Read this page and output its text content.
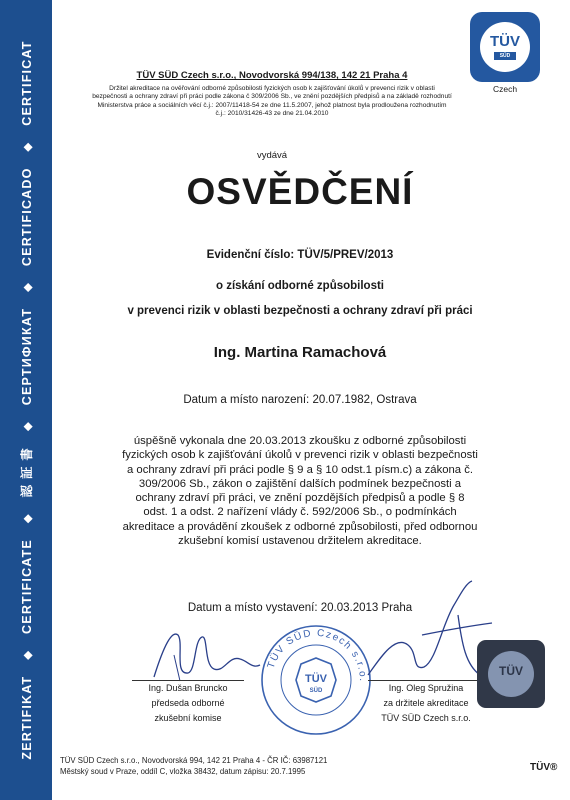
ZERTIFIKAT◆CERTIFICATE◆認 証 書◆СЕРТИФИКАТ◆CERTIFICADO◆CERTIFICAT	TÜV
SÜD
Czech
TÜV SÜD Czech s.r.o., Novodvorská 994/138, 142 21 Praha 4
Držitel akreditace na ověřování odborné způsobilosti fyzických osob k zajišťování úkolů v prevenci rizik v oblasti bezpečnosti a ochrany zdraví při práci podle zákona č 309/2006 Sb., ve znění pozdějších předpisů a na základě rozhodnutí Ministerstva práce a sociálních věcí č.j.: 2007/11418-54 ze dne 11.5.2007, jehož platnost byla prodloužena rozhodnutím č.j.: 2010/31426-43 ze dne 21.04.2010
vydává
OSVĚDČENÍ
Evidenční číslo: TÜV/5/PREV/2013
o získání odborné způsobilosti
v prevenci rizik v oblasti bezpečnosti a ochrany zdraví při práci
Ing. Martina Ramachová
Datum a místo narození: 20.07.1982, Ostrava
úspěšně vykonala dne 20.03.2013 zkoušku z odborné způsobilosti fyzických osob k zajišťování úkolů v prevenci rizik v oblasti bezpečnosti a ochrany zdraví při práci podle § 9 a § 10 odst.1 písm.c) a zákona č. 309/2006 Sb., zákon o zajištění dalších podmínek bezpečnosti a ochrany zdraví při práci, ve znění pozdějších předpisů a podle § 8 odst. 1 a odst. 2 nařízení vlády č. 592/2006 Sb., o podmínkách akreditace a provádění zkoušek z odborné způsobilosti, před odbornou zkušební komisí ustavenou držitelem akreditace.
Datum a místo vystavení: 20.03.2013 Praha
Ing. Dušan Bruncko
předseda odborné
zkušební komise
TÜV SÜD Czech s.r.o.
TÜV
SÜD	Ing. Oleg Spružina
za držitele akreditace
TÜV SÜD Czech s.r.o.
TÜV
TÜV SÜD Czech s.r.o., Novodvorská 994, 142 21 Praha 4 - ČR IČ: 63987121
Městský soud v Praze, oddíl C, vložka 38432, datum zápisu: 20.7.1995	TÜV®
